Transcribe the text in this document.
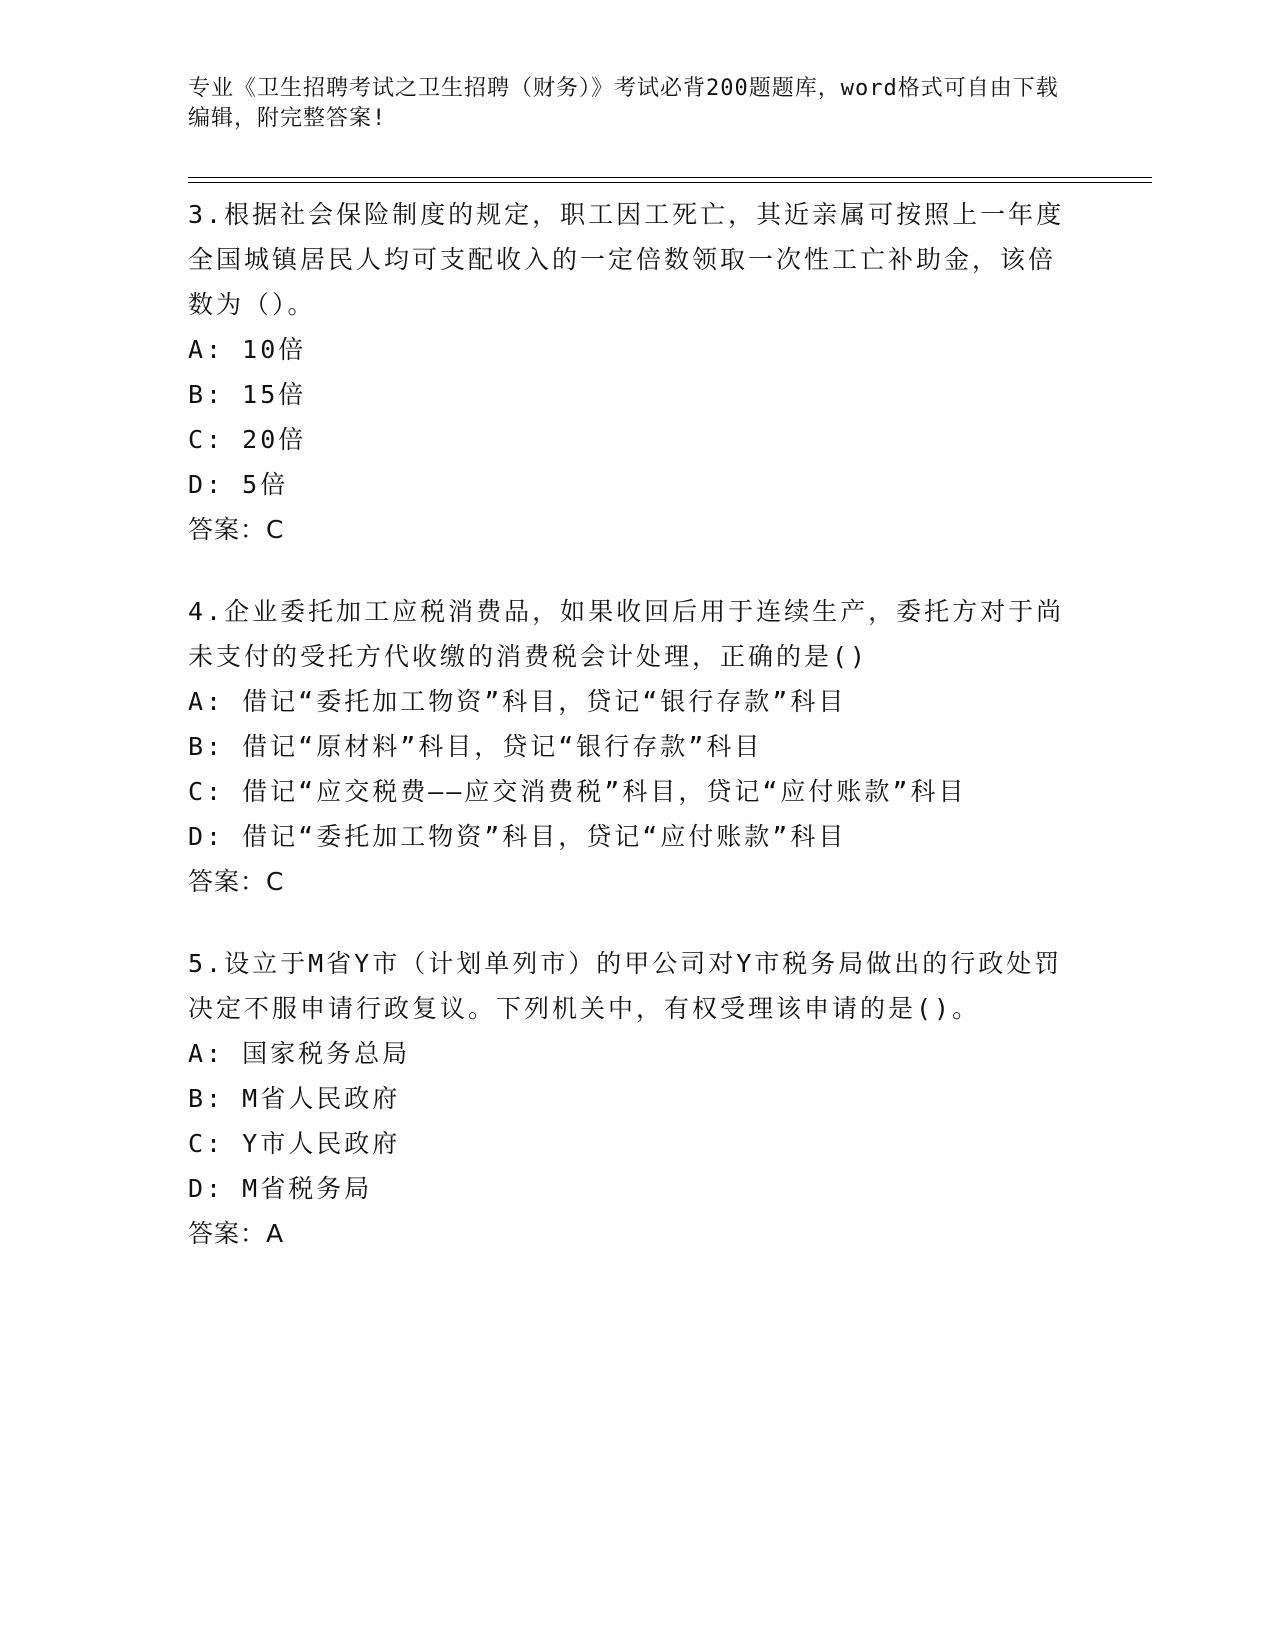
专业《卫生招聘考试之卫生招聘（财务）》考试必背200题题库，word格式可自由下载编辑，附完整答案!
3.根据社会保险制度的规定，职工因工死亡，其近亲属可按照上一年度全国城镇居民人均可支配收入的一定倍数领取一次性工亡补助金，该倍数为（）。
A: 10倍
B: 15倍
C: 20倍
D: 5倍
答案：C
4.企业委托加工应税消费品，如果收回后用于连续生产，委托方对于尚未支付的受托方代收缴的消费税会计处理，正确的是()
A: 借记“委托加工物资”科目，贷记“银行存款”科目
B: 借记“原材料”科目，贷记“银行存款”科目
C: 借记“应交税费——应交消费税”科目，贷记“应付账款”科目
D: 借记“委托加工物资”科目，贷记“应付账款”科目
答案：C
5.设立于M省Y市（计划单列市）的甲公司对Y市税务局做出的行政处罚决定不服申请行政复议。下列机关中，有权受理该申请的是()。
A: 国家税务总局
B: M省人民政府
C: Y市人民政府
D: M省税务局
答案：A
